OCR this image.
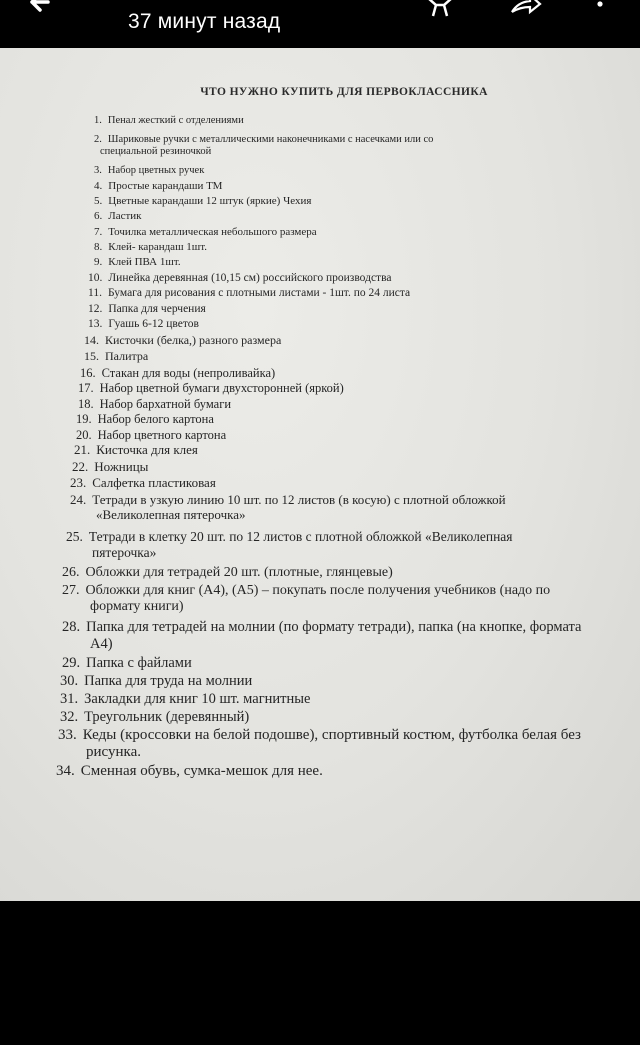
37 минут назад
ЧТО НУЖНО КУПИТЬ ДЛЯ ПЕРВОКЛАССНИКА
1. Пенал жесткий с отделениями
2. Шариковые ручки с металлическими наконечниками с насечками или со
специальной резиночкой
3. Набор цветных ручек
4. Простые карандаши ТМ
5. Цветные карандаши 12 штук (яркие) Чехия
6. Ластик
7. Точилка металлическая небольшого размера
8. Клей- карандаш 1шт.
9. Клей ПВА 1шт.
10. Линейка деревянная (10,15 см) российского производства
11. Бумага для рисования с плотными листами - 1шт. по 24 листа
12. Папка для черчения
13. Гуашь 6-12 цветов
14. Кисточки (белка,) разного размера
15. Палитра
16. Стакан для воды (непроливайка)
17. Набор цветной бумаги двухсторонней (яркой)
18. Набор бархатной бумаги
19. Набор белого картона
20. Набор цветного картона
21. Кисточка для клея
22. Ножницы
23. Салфетка пластиковая
24. Тетради в узкую линию 10 шт. по 12 листов (в косую) с плотной обложкой
«Великолепная пятерочка»
25. Тетради в клетку 20 шт. по 12 листов с плотной обложкой «Великолепная
пятерочка»
26. Обложки для тетрадей 20 шт. (плотные, глянцевые)
27. Обложки для книг (А4), (А5) – покупать после получения учебников (надо по
формату книги)
28. Папка для тетрадей на молнии (по формату тетради), папка (на кнопке, формата
А4)
29. Папка с файлами
30. Папка для труда на молнии
31. Закладки для книг 10 шт. магнитные
32. Треугольник (деревянный)
33. Кеды (кроссовки на белой подошве), спортивный костюм, футболка белая без
рисунка.
34. Сменная обувь, сумка-мешок для нее.
